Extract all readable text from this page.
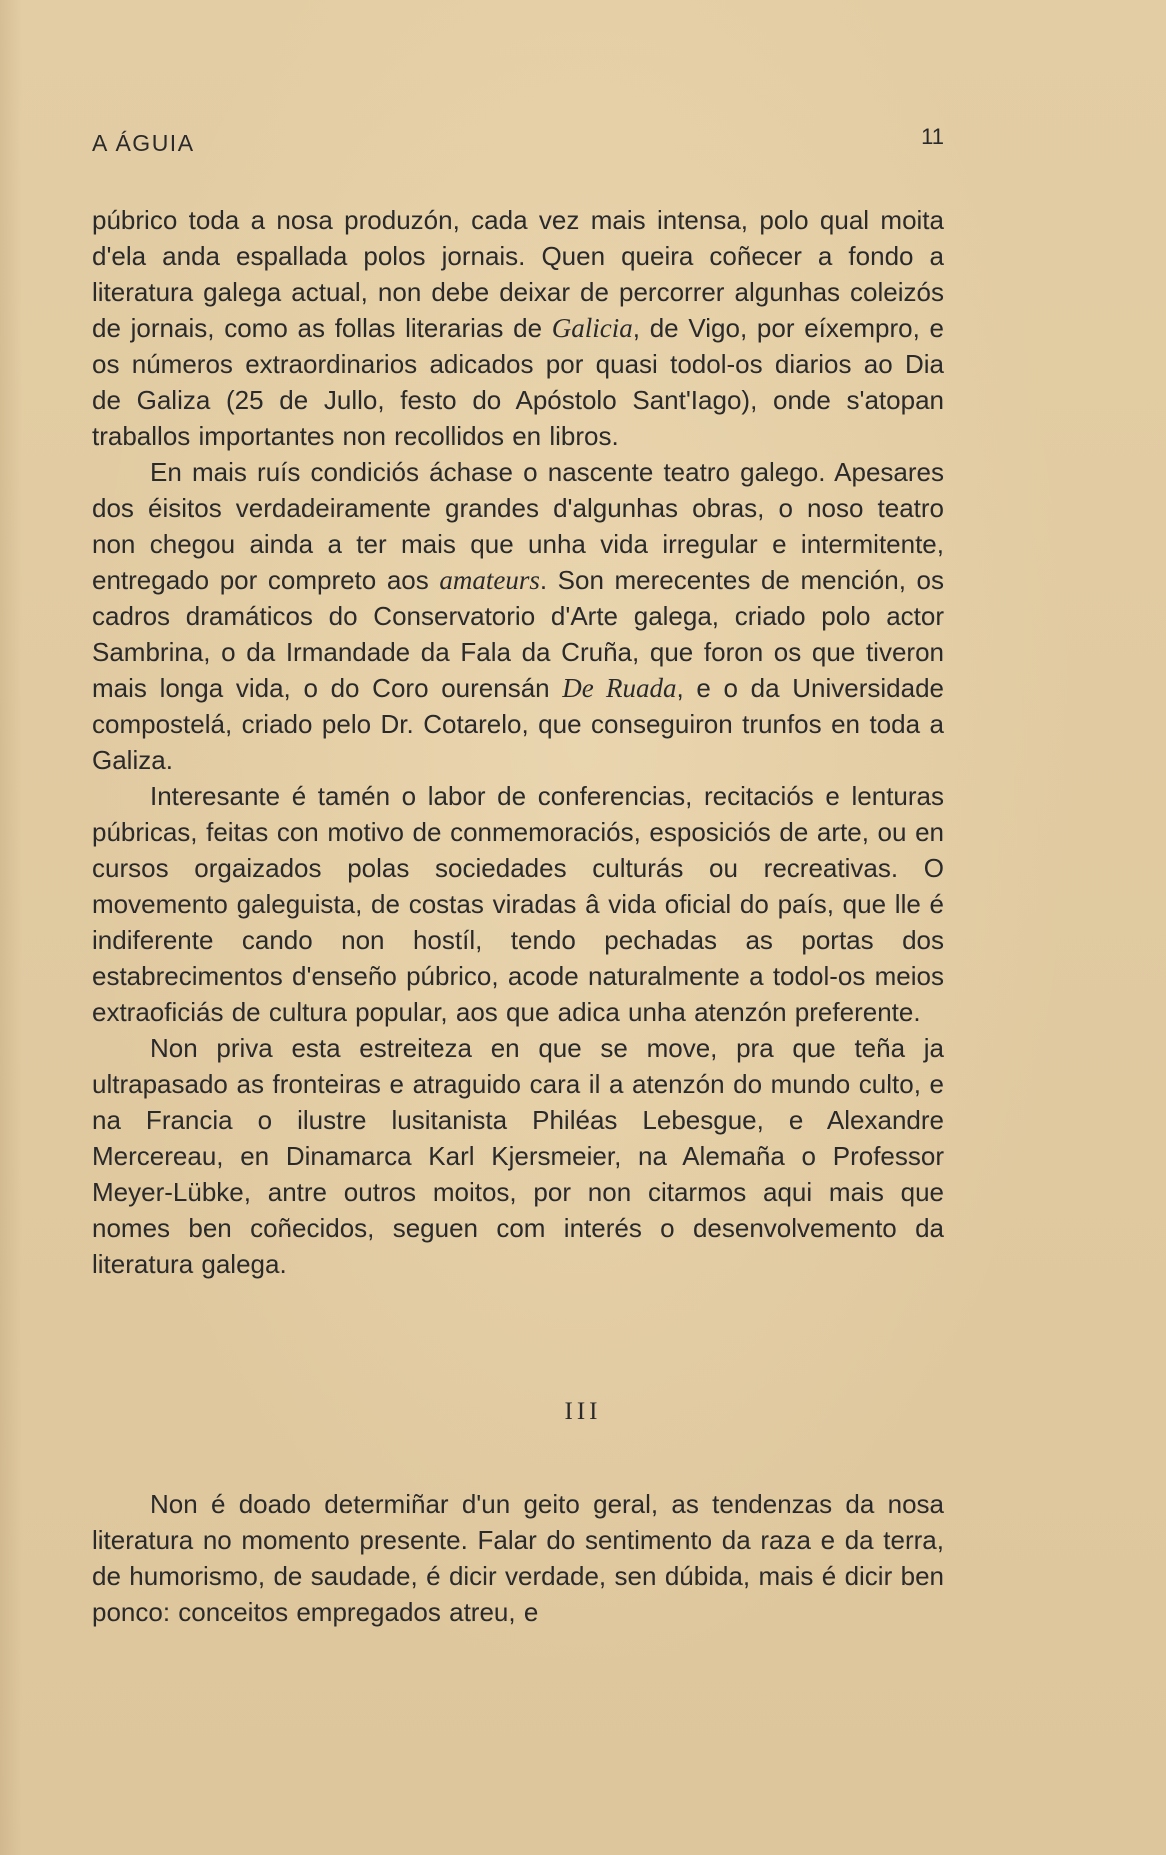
A ÁGUIA	11

púbrico toda a nosa produzón, cada vez mais intensa, polo qual moita d'ela anda espallada polos jornais. Quen queira coñecer a fondo a literatura galega actual, non debe deixar de percorrer algunhas coleizós de jornais, como as follas literarias de Galicia, de Vigo, por eíxempro, e os números extraordinarios adicados por quasi todol-os diarios ao Dia de Galiza (25 de Jullo, festo do Apóstolo Sant'Iago), onde s'atopan traballos importantes non recollidos en libros.

En mais ruís condiciós áchase o nascente teatro galego. Apesares dos éisitos verdadeiramente grandes d'algunhas obras, o noso teatro non chegou ainda a ter mais que unha vida irregular e intermitente, entregado por compreto aos amateurs. Son merecentes de mención, os cadros dramáticos do Conservatorio d'Arte galega, criado polo actor Sambrina, o da Irmandade da Fala da Cruña, que foron os que tiveron mais longa vida, o do Coro ourensán De Ruada, e o da Universidade compostelá, criado pelo Dr. Cotarelo, que conseguiron trunfos en toda a Galiza.

Interesante é tamén o labor de conferencias, recitaciós e lenturas púbricas, feitas con motivo de conmemoraciós, esposiciós de arte, ou en cursos orgaizados polas sociedades culturás ou recreativas. O movemento galeguista, de costas viradas â vida oficial do país, que lle é indiferente cando non hostíl, tendo pechadas as portas dos estabrecimentos d'enseño púbrico, acode naturalmente a todol-os meios extraoficiás de cultura popular, aos que adica unha atenzón preferente.

Non priva esta estreiteza en que se move, pra que teña ja ultrapasado as fronteiras e atraguido cara il a atenzón do mundo culto, e na Francia o ilustre lusitanista Philéas Lebesgue, e Alexandre Mercereau, en Dinamarca Karl Kjersmeier, na Alemaña o Professor Meyer-Lübke, antre outros moitos, por non citarmos aqui mais que nomes ben coñecidos, seguen com interés o desenvolvemento da literatura galega.

III

Non é doado determiñar d'un geito geral, as tendenzas da nosa literatura no momento presente. Falar do sentimento da raza e da terra, de humorismo, de saudade, é dicir verdade, sen dúbida, mais é dicir ben ponco: conceitos empregados atreu, e
